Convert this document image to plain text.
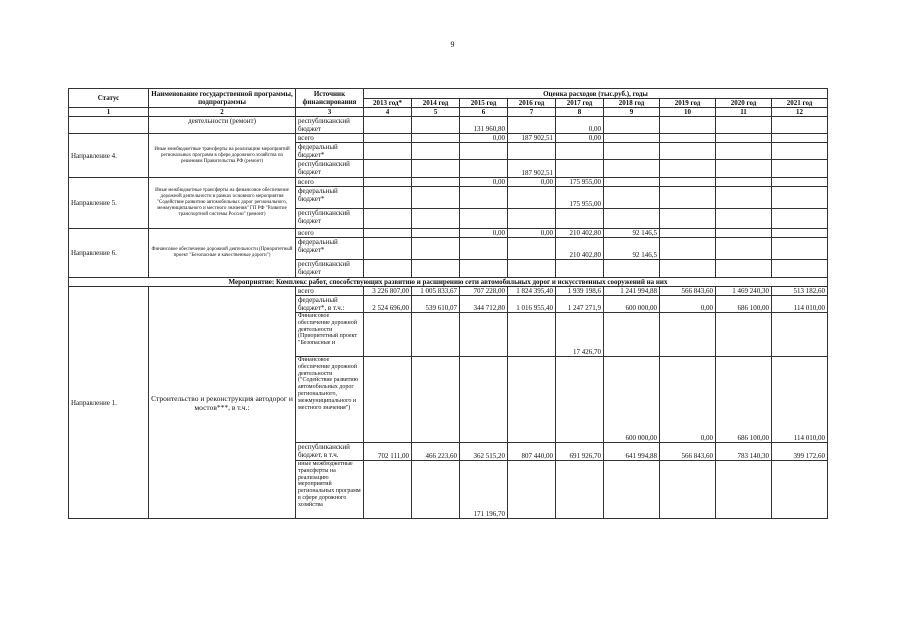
9
Статус	Наименование государственной программы, подпрограммы	Источник финансирования	Оценка расходов (тыс.руб.), годы								
			2013 год*	2014 год	2015 год	2016 год	2017 год	2018 год	2019 год	2020 год	2021 год
1	2	3	4	5	6	7	8	9	10	11	12
	деятельности (ремонт)	республиканский бюджет			131 960,80		0,00				

Направление 4.	Иные межбюджетные трансферты на реализацию мероприятий региональных программ в сфере дорожного хозяйства по решениям Правительства РФ (ремонт)	всего			0,00	187 902,51	0,00				
		федеральный бюджет*									
		республиканский бюджет				187 902,51					
Направление 5.	Иные межбюджетные трансферты на финансовое обеспечение дорожной деятельности в рамках основного мероприятия "Содействие развитию автомобильных дорог регионального, межмуниципального и местного значения" ГП РФ "Развитие транспортной системы России" (ремонт)	всего			0,00	0,00	175 955,00				
		федеральный бюджет*					175 955,00				
		республиканский бюджет									
Направление 6.	Финансовое обеспечение дорожной деятельности (Приоритетный проект "Безопасные и качественные дороги")	всего			0,00	0,00	210 402,80	92 146,5			
		федеральный бюджет*					210 402,80	92 146,5			
		республиканский бюджет									
Мероприятие: Комплекс работ, способствующих развитию и расширению сети автомобильных дорог и искусственных сооружений на них											
Направление 1.	Строительство и реконструкция автодорог и мостов***, в т.ч.:	всего	3 226 807,00	1 005 833,67	707 228,00	1 824 395,40	1 939 198,6	1 241 994,88	566 843,60	1 469 240,30	513 182,60
		федеральный бюджет*, в т.ч.:	2 524 696,00	539 610,07	344 712,80	1 016 955,40	1 247 271,9	600 000,00	0,00	686 100,00	114 010,00
		Финансовое обеспечение дорожной деятельности (Приоритетный проект "Безопасные и					17 426,70				
		Финансовое обеспечение дорожной деятельности ("Содействие развитию автомобильных дорог регионального, межмуниципального и местного значения")						600 000,00	0,00	686 100,00	114 010,00
		республиканский бюджет, в т.ч.	702 111,00	466 223,60	362 515,20	807 440,00	691 926,70	641 994,88	566 843,60	783 140,30	399 172,60
		иные межбюджетные трансферты на реализацию мероприятий региональных программ в сфере дорожного хозяйства			171 196,70						
